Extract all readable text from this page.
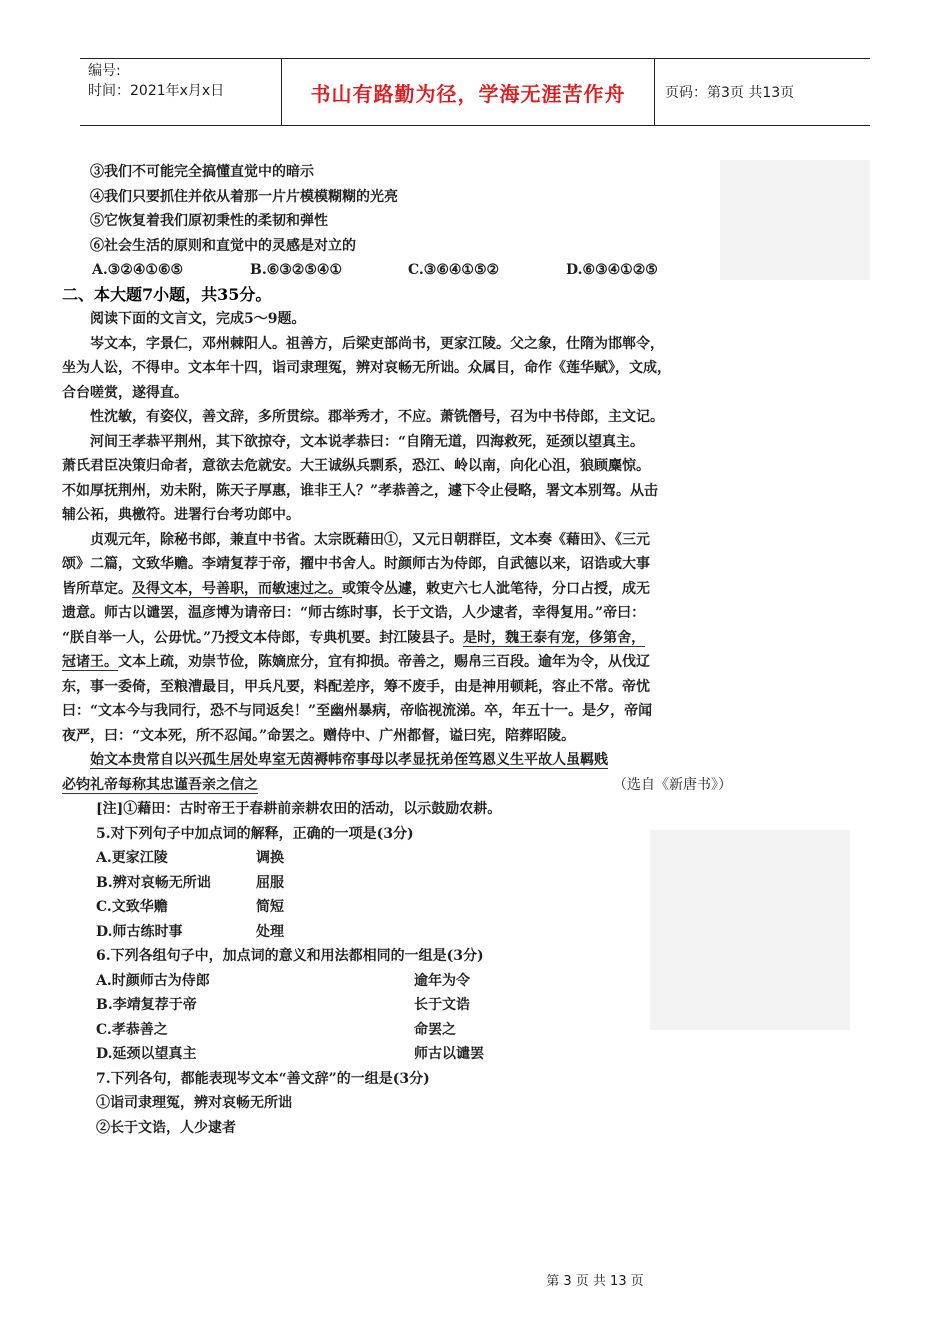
编号:
时间：2021年x月x日	书山有路勤为径，学海无涯苦作舟	页码：第3页 共13页
③我们不可能完全搞懂直觉中的暗示
④我们只要抓住并依从着那一片片模模糊糊的光亮
⑤它恢复着我们原初秉性的柔韧和弹性
⑥社会生活的原则和直觉中的灵感是对立的
A.③②④①⑥⑤	B.⑥③②⑤④①	C.③⑥④①⑤②	D.⑥③④①②⑤
二、本大题7小题，共35分。
阅读下面的文言文，完成5～9题。
岑文本，字景仁，邓州棘阳人。祖善方，后梁吏部尚书，更家江陵。父之象，仕隋为邯郸令，
坐为人讼，不得申。文本年十四，诣司隶理冤，辨对哀畅无所诎。众属目，命作《莲华赋》，文成，
合台嗟赏，遂得直。
性沈敏，有姿仪，善文辞，多所贯综。郡举秀才，不应。萧铣僭号，召为中书侍郎，主文记。
河间王孝恭平荆州，其下欲掠夺，文本说孝恭曰：“自隋无道，四海救死，延颈以望真主。
萧氏君臣决策归命者，意欲去危就安。大王诚纵兵剽系，恐江、岭以南，向化心沮，狼顾麋惊。
不如厚抚荆州，劝未附，陈天子厚惠，谁非王人？”孝恭善之，遽下令止侵略，署文本别驾。从击
辅公祏，典檄符。进署行台考功郎中。
贞观元年，除秘书郎，兼直中书省。太宗既藉田①，又元日朝群臣，文本奏《藉田》、《三元
颂》二篇，文致华赡。李靖复荐于帝，擢中书舍人。时颜师古为侍郎，自武德以来，诏诰或大事
皆所草定。及得文本，号善职，而敏速过之。或策令丛遽，敕吏六七人泚笔待，分口占授，成无
遗意。师古以谴罢，温彦博为请帝曰：“师古练时事，长于文诰，人少逮者，幸得复用。”帝曰：
“朕自举一人，公毋忧。”乃授文本侍郎，专典机要。封江陵县子。是时，魏王泰有宠，侈第舍，
冠诸王。文本上疏，劝崇节俭，陈嫡庶分，宜有抑损。帝善之，赐帛三百段。逾年为令，从伐辽
东，事一委倚，至粮漕最目，甲兵凡要，料配差序，筹不废手，由是神用顿耗，容止不常。帝忧
曰：“文本今与我同行，恐不与同返矣！”至幽州暴病，帝临视流涕。卒，年五十一。是夕，帝闻
夜严，曰：“文本死，所不忍闻。”命罢之。赠侍中、广州都督，谥曰宪，陪葬昭陵。
始文本贵常自以兴孤生居处卑室无茵褥帏帟事母以孝显抚弟侄笃恩义生平故人虽羁贱
必钧礼帝每称其忠谨吾亲之信之	（选自《新唐书》）
[注]①藉田：古时帝王于春耕前亲耕农田的活动，以示鼓励农耕。
5.对下列句子中加点词的解释，正确的一项是(3分)
A.更家江陵	调换
B.辨对哀畅无所诎	屈服
C.文致华赡	简短
D.师古练时事	处理
6.下列各组句子中，加点词的意义和用法都相同的一组是(3分)
A.时颜师古为侍郎	逾年为令
B.李靖复荐于帝	长于文诰
C.孝恭善之	命罢之
D.延颈以望真主	师古以谴罢
7.下列各句，都能表现岑文本“善文辞”的一组是(3分)
①诣司隶理冤，辨对哀畅无所诎
②长于文诰，人少逮者
第 3 页 共 13 页
